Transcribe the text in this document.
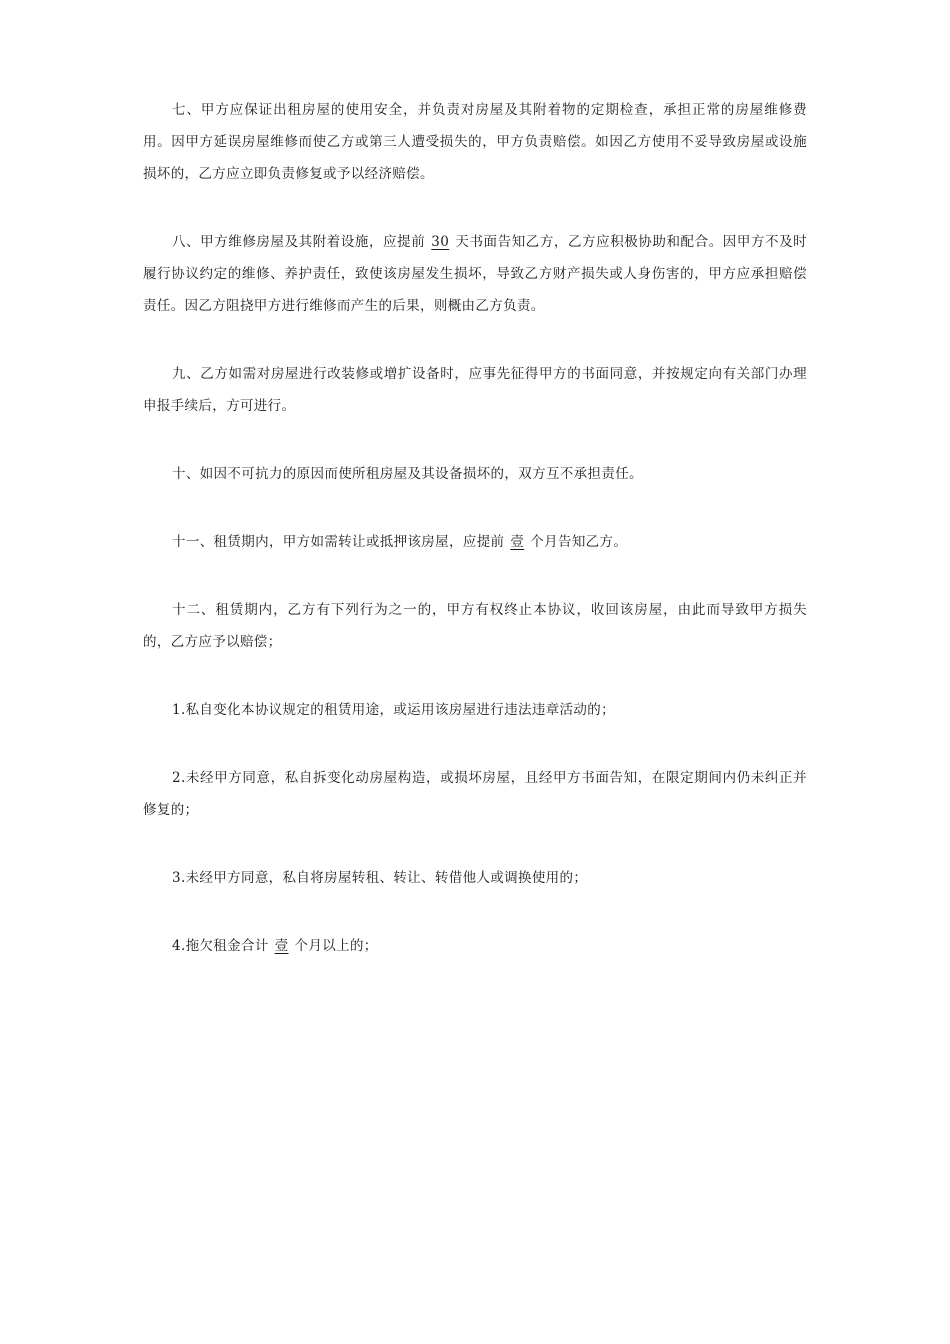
七、甲方应保证出租房屋的使用安全，并负责对房屋及其附着物的定期检查，承担正常的房屋维修费用。因甲方延误房屋维修而使乙方或第三人遭受损失的，甲方负责赔偿。如因乙方使用不妥导致房屋或设施损坏的，乙方应立即负责修复或予以经济赔偿。

八、甲方维修房屋及其附着设施，应提前 30 天书面告知乙方，乙方应积极协助和配合。因甲方不及时履行协议约定的维修、养护责任，致使该房屋发生损坏，导致乙方财产损失或人身伤害的，甲方应承担赔偿责任。因乙方阻挠甲方进行维修而产生的后果，则概由乙方负责。

九、乙方如需对房屋进行改装修或增扩设备时，应事先征得甲方的书面同意，并按规定向有关部门办理申报手续后，方可进行。

十、如因不可抗力的原因而使所租房屋及其设备损坏的，双方互不承担责任。

十一、租赁期内，甲方如需转让或抵押该房屋，应提前 壹 个月告知乙方。

十二、租赁期内，乙方有下列行为之一的，甲方有权终止本协议，收回该房屋，由此而导致甲方损失的，乙方应予以赔偿；

1.私自变化本协议规定的租赁用途，或运用该房屋进行违法违章活动的；

2.未经甲方同意，私自拆变化动房屋构造，或损坏房屋，且经甲方书面告知，在限定期间内仍未纠正并修复的；

3.未经甲方同意，私自将房屋转租、转让、转借他人或调换使用的；

4.拖欠租金合计 壹 个月以上的；
